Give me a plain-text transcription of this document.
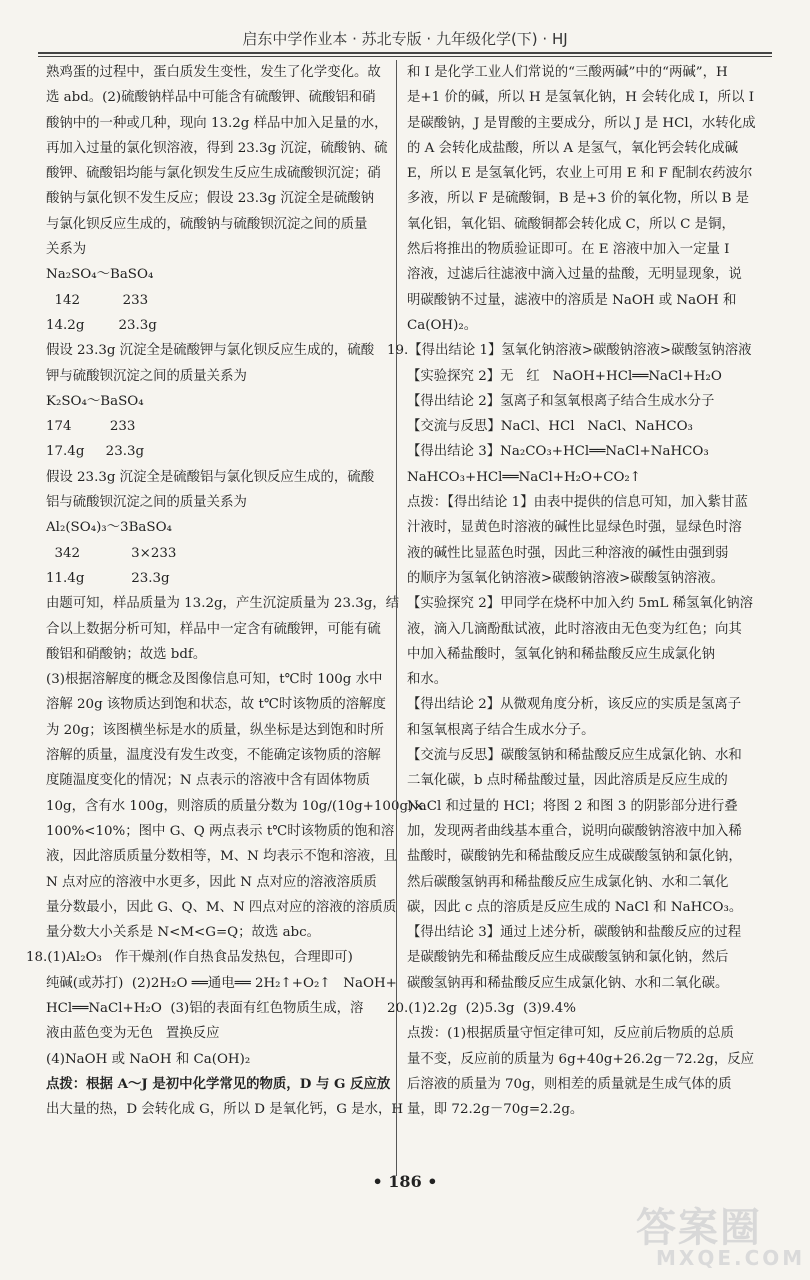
启东中学作业本 · 苏北专版 · 九年级化学(下) · HJ
熟鸡蛋的过程中，蛋白质发生变性，发生了化学变化。故
选 abd。(2)硫酸钠样品中可能含有硫酸钾、硫酸铝和硝
酸钠中的一种或几种，现向 13.2g 样品中加入足量的水，
再加入过量的氯化钡溶液，得到 23.3g 沉淀，硫酸钠、硫
酸钾、硫酸铝均能与氯化钡发生反应生成硫酸钡沉淀；硝
酸钠与氯化钡不发生反应；假设 23.3g 沉淀全是硫酸钠
与氯化钡反应生成的，硫酸钠与硫酸钡沉淀之间的质量
关系为
Na₂SO₄～BaSO₄
142          233
14.2g        23.3g
假设 23.3g 沉淀全是硫酸钾与氯化钡反应生成的，硫酸
钾与硫酸钡沉淀之间的质量关系为
K₂SO₄～BaSO₄
174         233
17.4g     23.3g
假设 23.3g 沉淀全是硫酸铝与氯化钡反应生成的，硫酸
铝与硫酸钡沉淀之间的质量关系为
Al₂(SO₄)₃～3BaSO₄
342            3×233
11.4g           23.3g
由题可知，样品质量为 13.2g，产生沉淀质量为 23.3g，结
合以上数据分析可知，样品中一定含有硫酸钾，可能有硫
酸铝和硝酸钠；故选 bdf。
(3)根据溶解度的概念及图像信息可知，t℃时 100g 水中
溶解 20g 该物质达到饱和状态，故 t℃时该物质的溶解度
为 20g；该图横坐标是水的质量，纵坐标是达到饱和时所
溶解的质量，温度没有发生改变，不能确定该物质的溶解
度随温度变化的情况；N 点表示的溶液中含有固体物质
10g，含有水 100g，则溶质的质量分数为 10g/(10g+100g)×
100%<10%；图中 G、Q 两点表示 t℃时该物质的饱和溶
液，因此溶质质量分数相等，M、N 均表示不饱和溶液，且
N 点对应的溶液中水更多，因此 N 点对应的溶液溶质质
量分数最小，因此 G、Q、M、N 四点对应的溶液的溶质质
量分数大小关系是 N<M<G=Q；故选 abc。
18.(1)Al₂O₃   作干燥剂(作自热食品发热包，合理即可)
纯碱(或苏打)  (2)2H₂O ══通电══ 2H₂↑+O₂↑   NaOH+
HCl══NaCl+H₂O  (3)铝的表面有红色物质生成，溶
液由蓝色变为无色   置换反应
(4)NaOH 或 NaOH 和 Ca(OH)₂
点拨：根据 A～J 是初中化学常见的物质，D 与 G 反应放
出大量的热，D 会转化成 G，所以 D 是氧化钙，G 是水，H
和 I 是化学工业人们常说的“三酸两碱”中的“两碱”，H
是+1 价的碱，所以 H 是氢氧化钠，H 会转化成 I，所以 I
是碳酸钠，J 是胃酸的主要成分，所以 J 是 HCl，水转化成
的 A 会转化成盐酸，所以 A 是氢气，氧化钙会转化成碱
E，所以 E 是氢氧化钙，农业上可用 E 和 F 配制农药波尔
多液，所以 F 是硫酸铜，B 是+3 价的氧化物，所以 B 是
氧化铝，氧化铝、硫酸铜都会转化成 C，所以 C 是铜，
然后将推出的物质验证即可。在 E 溶液中加入一定量 I
溶液，过滤后往滤液中滴入过量的盐酸，无明显现象，说
明碳酸钠不过量，滤液中的溶质是 NaOH 或 NaOH 和
Ca(OH)₂。
19.【得出结论 1】氢氧化钠溶液>碳酸钠溶液>碳酸氢钠溶液
【实验探究 2】无   红   NaOH+HCl══NaCl+H₂O
【得出结论 2】氢离子和氢氧根离子结合生成水分子
【交流与反思】NaCl、HCl   NaCl、NaHCO₃
【得出结论 3】Na₂CO₃+HCl══NaCl+NaHCO₃
NaHCO₃+HCl══NaCl+H₂O+CO₂↑
点拨：【得出结论 1】由表中提供的信息可知，加入紫甘蓝
汁液时，显黄色时溶液的碱性比显绿色时强，显绿色时溶
液的碱性比显蓝色时强，因此三种溶液的碱性由强到弱
的顺序为氢氧化钠溶液>碳酸钠溶液>碳酸氢钠溶液。
【实验探究 2】甲同学在烧杯中加入约 5mL 稀氢氧化钠溶
液，滴入几滴酚酞试液，此时溶液由无色变为红色；向其
中加入稀盐酸时，氢氧化钠和稀盐酸反应生成氯化钠
和水。
【得出结论 2】从微观角度分析，该反应的实质是氢离子
和氢氧根离子结合生成水分子。
【交流与反思】碳酸氢钠和稀盐酸反应生成氯化钠、水和
二氧化碳，b 点时稀盐酸过量，因此溶质是反应生成的
NaCl 和过量的 HCl；将图 2 和图 3 的阴影部分进行叠
加，发现两者曲线基本重合，说明向碳酸钠溶液中加入稀
盐酸时，碳酸钠先和稀盐酸反应生成碳酸氢钠和氯化钠，
然后碳酸氢钠再和稀盐酸反应生成氯化钠、水和二氧化
碳，因此 c 点的溶质是反应生成的 NaCl 和 NaHCO₃。
【得出结论 3】通过上述分析，碳酸钠和盐酸反应的过程
是碳酸钠先和稀盐酸反应生成碳酸氢钠和氯化钠，然后
碳酸氢钠再和稀盐酸反应生成氯化钠、水和二氧化碳。
20.(1)2.2g  (2)5.3g  (3)9.4%
点拨：(1)根据质量守恒定律可知，反应前后物质的总质
量不变，反应前的质量为 6g+40g+26.2g－72.2g，反应
后溶液的质量为 70g，则相差的质量就是生成气体的质
量，即 72.2g－70g=2.2g。
• 186 •
答案圈
MXQE.COM
